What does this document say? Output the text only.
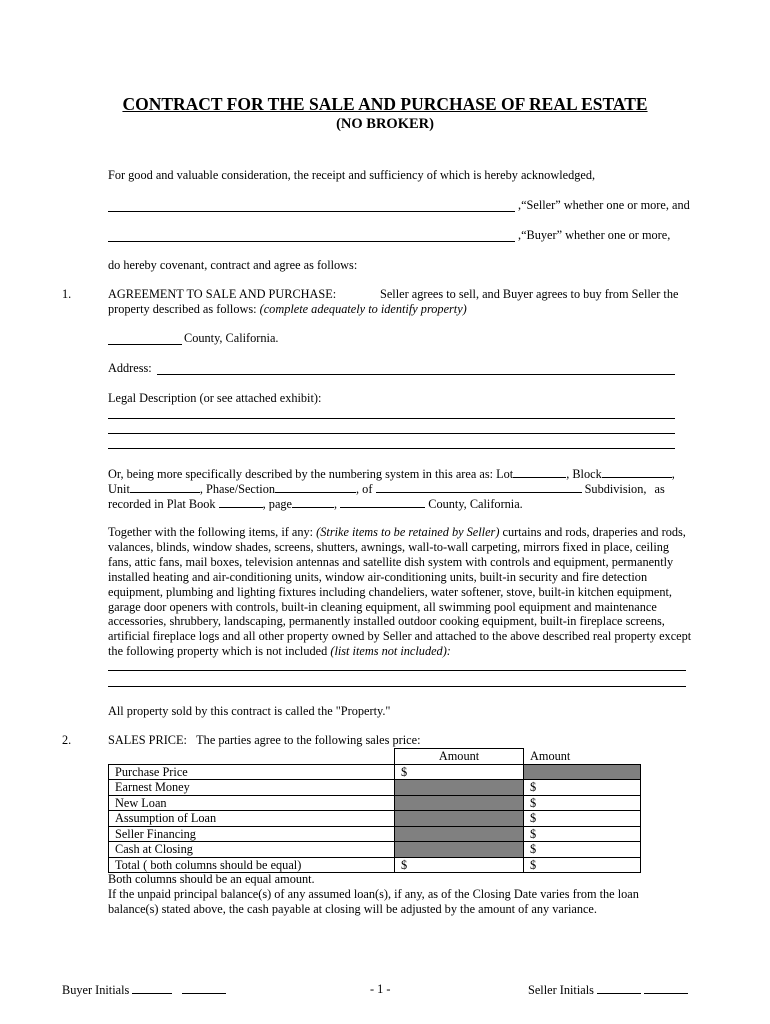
CONTRACT FOR THE SALE AND PURCHASE OF REAL ESTATE
(NO BROKER)
For good and valuable consideration, the receipt and sufficiency of which is hereby acknowledged,
,“Seller” whether one or more, and
,“Buyer” whether one or more,
do hereby covenant, contract and agree as follows:
1.	AGREEMENT TO SALE AND PURCHASE:	Seller agrees to sell, and Buyer agrees to buy from Seller the
property described as follows: (complete adequately to identify property)
County, California.
Address:
Legal Description (or see attached exhibit):
Or, being more specifically described by the numbering system in this area as: Lot	, Block	,
Unit	, Phase/Section	, of	Subdivision, as
recorded in Plat Book	, page	,	County, California.
Together with the following items, if any: (Strike items to be retained by Seller) curtains and rods, draperies and rods, valances, blinds, window shades, screens, shutters, awnings, wall-to-wall carpeting, mirrors fixed in place, ceiling fans, attic fans, mail boxes, television antennas and satellite dish system with controls and equipment, permanently installed heating and air-conditioning units, window air-conditioning units, built-in security and fire detection equipment, plumbing and lighting fixtures including chandeliers, water softener, stove, built-in kitchen equipment, garage door openers with controls, built-in cleaning equipment, all swimming pool equipment and maintenance accessories, shrubbery, landscaping, permanently installed outdoor cooking equipment, built-in fireplace screens, artificial fireplace logs and all other property owned by Seller and attached to the above described real property except the following property which is not included (list items not included):
All property sold by this contract is called the "Property."
2.	SALES PRICE: The parties agree to the following sales price:
	Amount	Amount
Purchase Price	$	
Earnest Money		$
New Loan		$
Assumption of Loan		$
Seller Financing		$
Cash at Closing		$
Total ( both columns should be equal)	$	$
Both columns should be an equal amount.
If the unpaid principal balance(s) of any assumed loan(s), if any, as of the Closing Date varies from the loan
balance(s) stated above, the cash payable at closing will be adjusted by the amount of any variance.
Buyer Initials	- 1 -	Seller Initials
